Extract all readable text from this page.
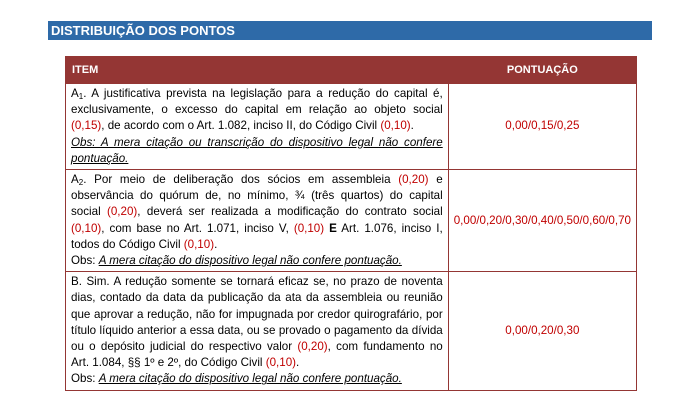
DISTRIBUIÇÃO DOS PONTOS
ITEM	PONTUAÇÃO

$A_1$. A justificativa prevista na legislação para a redução do capital é, exclusivamente, o excesso do capital em relação ao objeto social (0,15), de acordo com o Art. 1.082, inciso II, do Código Civil (0,10).
Obs: A mera citação ou transcrição do dispositivo legal não confere pontuação.	0,00/0,15/0,25

$A_2$. Por meio de deliberação dos sócios em assembleia (0,20) e observância do quórum de, no mínimo, ¾ (três quartos) do capital social (0,20), deverá ser realizada a modificação do contrato social (0,10), com base no Art. 1.071, inciso V, (0,10) E Art. 1.076, inciso I, todos do Código Civil (0,10).
Obs: A mera citação do dispositivo legal não confere pontuação.	0,00/0,20/0,30/0,40/0,50/0,60/0,70

B. Sim. A redução somente se tornará eficaz se, no prazo de noventa dias, contado da data da publicação da ata da assembleia ou reunião que aprovar a redução, não for impugnada por credor quirografário, por título líquido anterior a essa data, ou se provado o pagamento da dívida ou o depósito judicial do respectivo valor (0,20), com fundamento no Art. 1.084, §§ 1º e 2º, do Código Civil (0,10).
Obs: A mera citação do dispositivo legal não confere pontuação.	0,00/0,20/0,30
